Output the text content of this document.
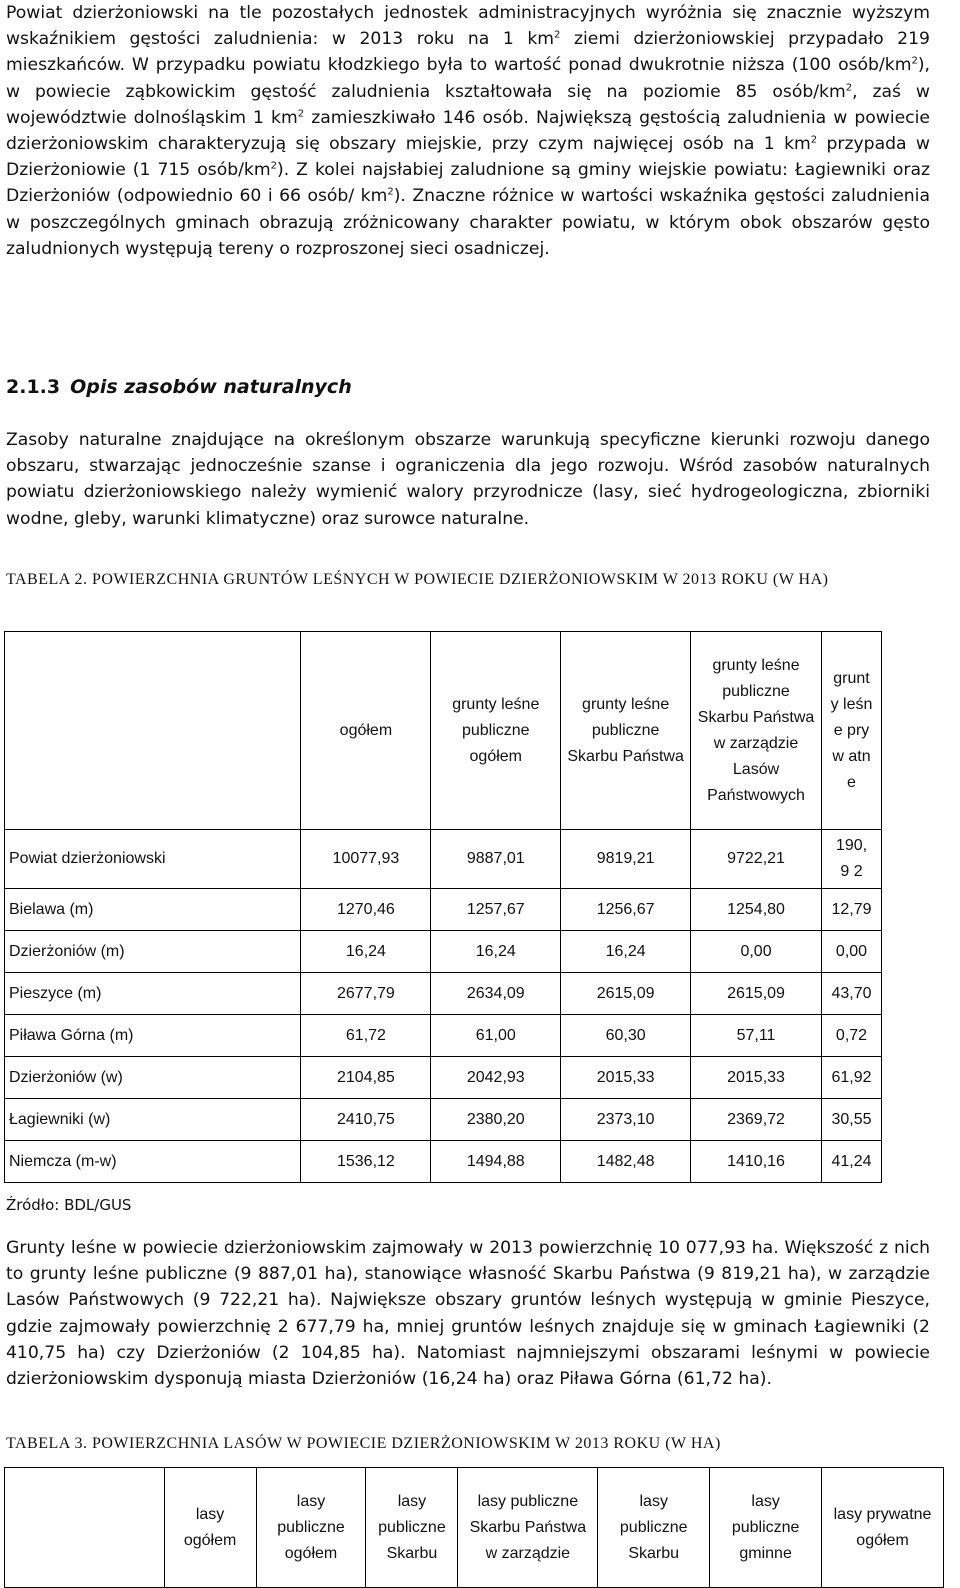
Powiat dzierżoniowski na tle pozostałych jednostek administracyjnych wyróżnia się znacznie wyższym wskaźnikiem gęstości zaludnienia: w 2013 roku na 1 $km^2$ ziemi dzierżoniowskiej przypadało 219 mieszkańców. W przypadku powiatu kłodzkiego była to wartość ponad dwukrotnie niższa (100 osób/$km^2$), w powiecie ząbkowickim gęstość zaludnienia kształtowała się na poziomie 85 osób/$km^2$, zaś w województwie dolnośląskim 1 $km^2$ zamieszkiwało 146 osób. Największą gęstością zaludnienia w powiecie dzierżoniowskim charakteryzują się obszary miejskie, przy czym najwięcej osób na 1 $km^2$ przypada w Dzierżoniowie (1 715 osób/$km^2$). Z kolei najsłabiej zaludnione są gminy wiejskie powiatu: Łagiewniki oraz Dzierżoniów (odpowiednio 60 i 66 osób/ $km^2$). Znaczne różnice w wartości wskaźnika gęstości zaludnienia w poszczególnych gminach obrazują zróżnicowany charakter powiatu, w którym obok obszarów gęsto zaludnionych występują tereny o rozproszonej sieci osadniczej.

2.1.3 Opis zasobów naturalnych

Zasoby naturalne znajdujące na określonym obszarze warunkują specyficzne kierunki rozwoju danego obszaru, stwarzając jednocześnie szanse i ograniczenia dla jego rozwoju. Wśród zasobów naturalnych powiatu dzierżoniowskiego należy wymienić walory przyrodnicze (lasy, sieć hydrogeologiczna, zbiorniki wodne, gleby, warunki klimatyczne) oraz surowce naturalne.

TABELA 2. POWIERZCHNIA GRUNTÓW LEŚNYCH W POWIECIE DZIERŻONIOWSKIM W 2013 ROKU (W HA)

	ogółem	grunty leśne publiczne ogółem	grunty leśne publiczne Skarbu Państwa	grunty leśne publiczne Skarbu Państwa w zarządzie Lasów Państwowych	grunt y leśne pryw atne
Powiat dzierżoniowski	10077,93	9887,01	9819,21	9722,21	190,9 2
Bielawa (m)	1270,46	1257,67	1256,67	1254,80	12,79
Dzierżoniów (m)	16,24	16,24	16,24	0,00	0,00
Pieszyce (m)	2677,79	2634,09	2615,09	2615,09	43,70
Piława Górna (m)	61,72	61,00	60,30	57,11	0,72
Dzierżoniów (w)	2104,85	2042,93	2015,33	2015,33	61,92
Łagiewniki (w)	2410,75	2380,20	2373,10	2369,72	30,55
Niemcza (m-w)	1536,12	1494,88	1482,48	1410,16	41,24
Źródło: BDL/GUS

Grunty leśne w powiecie dzierżoniowskim zajmowały w 2013 powierzchnię 10 077,93 ha. Większość z nich to grunty leśne publiczne (9 887,01 ha), stanowiące własność Skarbu Państwa (9 819,21 ha), w zarządzie Lasów Państwowych (9 722,21 ha). Największe obszary gruntów leśnych występują w gminie Pieszyce, gdzie zajmowały powierzchnię 2 677,79 ha, mniej gruntów leśnych znajduje się w gminach Łagiewniki (2 410,75 ha) czy Dzierżoniów (2 104,85 ha). Natomiast najmniejszymi obszarami leśnymi w powiecie dzierżoniowskim dysponują miasta Dzierżoniów (16,24 ha) oraz Piława Górna (61,72 ha).

TABELA 3. POWIERZCHNIA LASÓW W POWIECIE DZIERŻONIOWSKIM W 2013 ROKU (W HA)

	lasy ogółem	lasy publiczne ogółem	lasy publiczne Skarbu	lasy publiczne Skarbu Państwa w zarządzie	lasy publiczne Skarbu	lasy publiczne gminne	lasy prywatne ogółem
